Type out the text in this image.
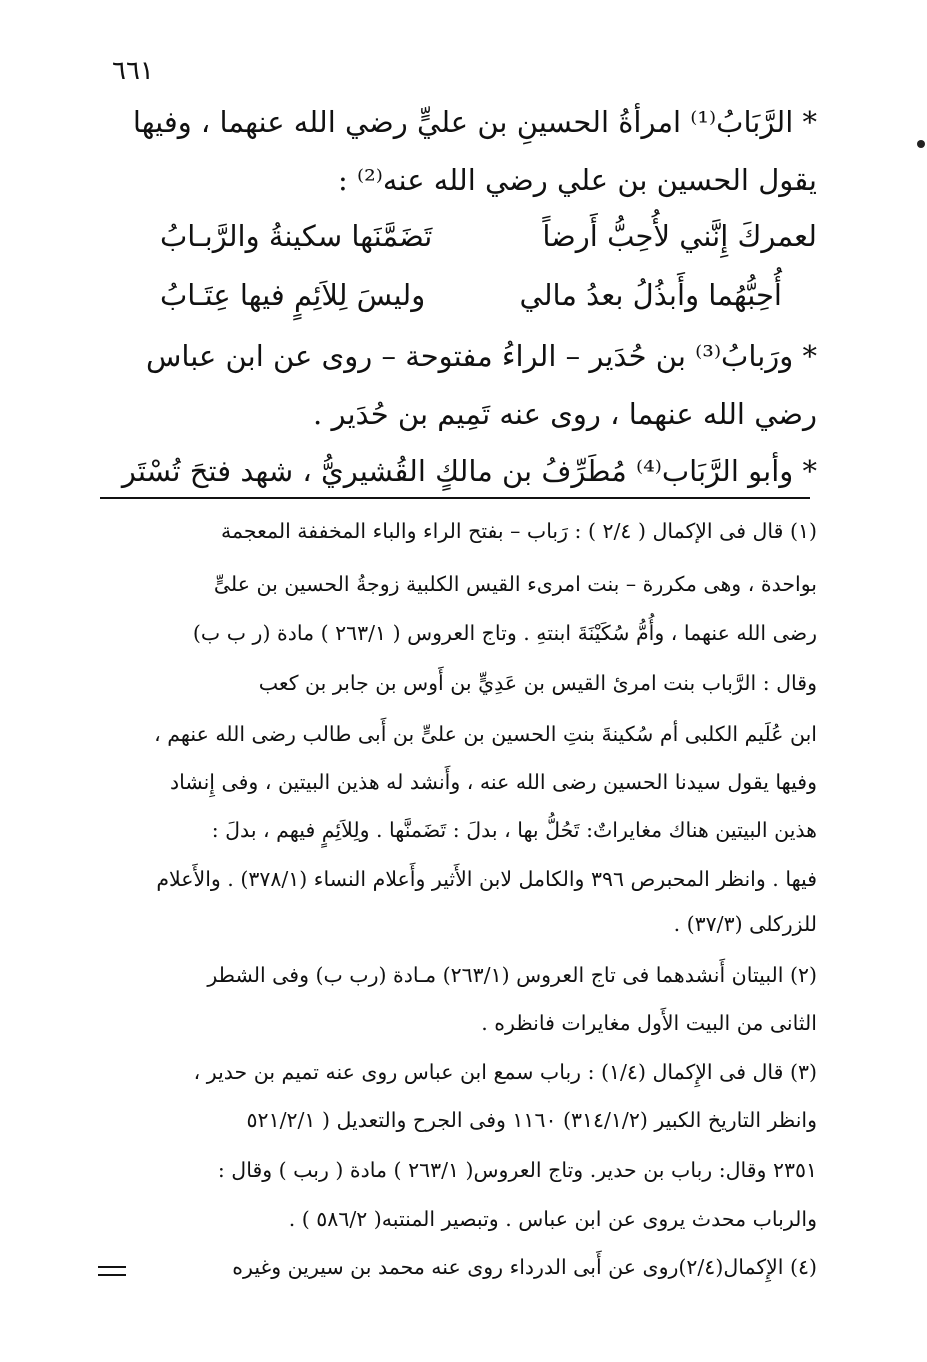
٦٦١
* الرَّبَابُ⁽¹⁾ امرأةُ الحسينِ بن عليٍّ رضي الله عنهما ، وفيها
يقول الحسين بن علي رضي الله عنه⁽²⁾ :
لعمركَ إِنَّني لأُحِبُّ أَرضاً
تَضَمَّنَها سكينةُ والرَّبـابُ
أُحِبُّهُما وأَبذُلُ بعدُ مالي
وليسَ لِلاَئِمٍ فيها عِتَـابُ
* ورَبابُ⁽³⁾ بن حُدَير – الراءُ مفتوحة – روى عن ابن عباس
رضي الله عنهما ، روى عنه تَمِيم بن حُدَير .
* وأبو الرَّبَاب⁽⁴⁾ مُطَرِّفُ بن مالكٍ القُشيريُّ ، شهد فتحَ تُسْتَر
(١) قال فى الإكمال ( ٢/٤ ) : رَباب – بفتح الراء والباء المخففة المعجمة
بواحدة ، وهى مكررة – بنت امرىء القيس الكلبية زوجةُ الحسين بن علىٍّ
رضى الله عنهما ، وأُمُّ سُكَيْنَةَ ابنتهِ . وتاج العروس ( ٢٦٣/١ ) مادة (ر ب ب)
وقال : الرَّباب بنت امرئ القيس بن عَدِيٍّ بن أَوس بن جابر بن كعب
ابن عُلَيم الكلبى أم سُكينةَ بنتِ الحسين بن علىٍّ بن أَبى طالب رضى الله عنهم ،
وفيها يقول سيدنا الحسين رضى الله عنه ، وأَنشد له هذين البيتين ، وفى إِنشاد
هذين البيتين هناك مغايراتٌ: تَحُلُّ بها ، بدلَ : تَضَمنَّها . ولِلاَئِمٍ فيهم ، بدلَ :
فيها . وانظر المحبرص ٣٩٦ والكامل لابن الأَثير وأَعلام النساء (٣٧٨/١) . والأَعلام
للزركلى (٣٧/٣) .
(٢) البيتان أَنشدهما فى تاج العروس (٢٦٣/١) مـادة (رب ب) وفى الشطر
الثانى من البيت الأَول مغايرات فانظره .
(٣) قال فى الإِكمال (١/٤) : رباب سمع ابن عباس روى عنه تميم بن حدير ،
وانظر التاريخ الكبير (٣١٤/١/٢) ١١٦٠ وفى الجرح والتعديل ( ٥٢١/٢/١
٢٣٥١ وقال: رباب بن حدير. وتاج العروس( ٢٦٣/١ ) مادة ( ربب ) وقال :
والرباب محدث يروى عن ابن عباس . وتبصير المنتبه( ٥٨٦/٢ ) .
(٤) الإِكمال(٢/٤)روى عن أَبى الدرداء روى عنه محمد بن سيرين وغيره
